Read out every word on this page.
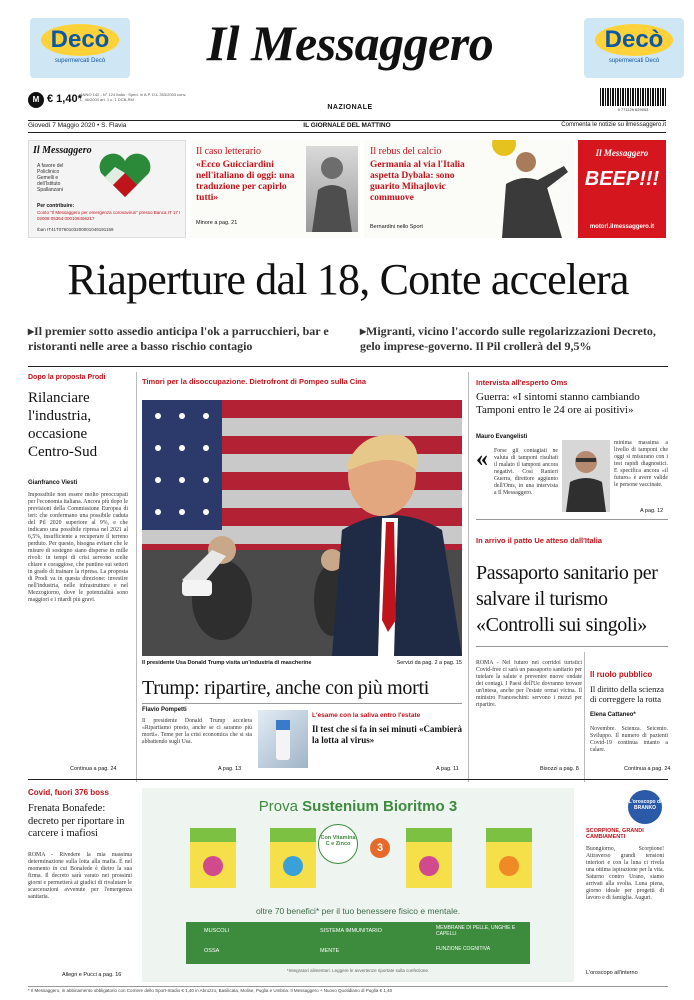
Decò
supermercati Decò
Decò
supermercati Decò
Il Messaggero
NAZIONALE
M € 1,40*
ANNO 142 - N° 124 Italia · Sped. in A.P. D.L.353/2003 conv. L. 46/2004 art. 1 c. 1 DCB-RM
9 771129 629003
Giovedì 7 Maggio 2020 • S. Flavia	IL GIORNALE DEL MATTINO	Commenta le notizie su ilmessaggero.it
Il Messaggero
A favore del Policlinico Gemelli e dell'Istituto Spallanzani
Per contribuire:
Conto "Il Messaggero per emergenza coronavirus" presso Banca IT 17 I 02008 05364 000106456217
Iban IT41T0760103200001049191159
Il caso letterario
«Ecco Guicciardini nell'italiano di oggi: una traduzione per capirlo tutti»
Minore a pag. 21
Il rebus del calcio
Germania al via l'Italia aspetta Dybala: sono guarito Mihajlovic commuove
Bernardini nello Sport
Il Messaggero
BEEP!!!
motori.ilmessaggero.it
Riaperture dal 18, Conte accelera
▸Il premier sotto assedio anticipa l'ok a parrucchieri, bar e ristoranti nelle aree a basso rischio contagio
▸Migranti, vicino l'accordo sulle regolarizzazioni Decreto, gelo imprese-governo. Il Pil crollerà del 9,5%
Dopo la proposta Prodi
Rilanciare l'industria, occasione Centro-Sud
Gianfranco Viesti
Impossibile non essere molto preoccupati per l'economia italiana. Ancora più dopo le previsioni della Commissione Europea di ieri: che confermano una possibile caduta del Pil 2020 superiore al 9%, e che indicano una possibile ripresa nel 2021 al 6,5%, insufficiente a recuperare il terreno perduto. Per questo, bisogna evitare che le misure di sostegno siano disperse in mille rivoli: in tempi di crisi servono scelte chiare e coraggiose, che puntino sui settori in grado di trainare la ripresa. La proposta di Prodi va in questa direzione: investire nell'industria, nelle infrastrutture e nel Mezzogiorno, dove le potenzialità sono maggiori e i ritardi più gravi.
Continua a pag. 24
Timori per la disoccupazione. Dietrofront di Pompeo sulla Cina
Il presidente Usa Donald Trump visita un'industria di mascherine	Servizi da pag. 2 a pag. 15
Trump: ripartire, anche con più morti
Flavio Pompetti
Il presidente Donald Trump accelera «Ripartiamo presto, anche se ci saranno più morti». Teme per la crisi economica che si sta abbattendo sugli Usa.
A pag. 13
L'esame con la saliva entro l'estate
Il test che si fa in sei minuti «Cambierà la lotta al virus»
A pag. 11
Intervista all'esperto Oms
Guerra: «I sintomi stanno cambiando Tamponi entro le 24 ore ai positivi»
Mauro Evangelisti
« Forse gli contagiati ne valuta di tamponi risultati il malato il tamponi ancora negativi. Così Ranieri Guerra, direttore aggiunto dell'Oms, in una intervista a Il Messaggero.
minima massima a livello di tamponi che oggi si misurano con i test rapidi diagnostici. E specifica ancora «il futuro» è avere valide le persone vaccinate.
A pag. 12
In arrivo il patto Ue atteso dall'Italia
Passaporto sanitario per salvare il turismo «Controlli sui singoli»
ROMA - Nel futuro nei corridoi turistici Covid-free ci sarà un passaporto sanitario per tutelare la salute e prevenire nuove ondate dei contagi. I Paesi dell'Ue dovranno trovare un'intesa, anche per l'estate ormai vicina. Il ministro Franceschini: servono i mezzi per ripartire.
Bisozzi a pag. 8
Il ruolo pubblico
Il diritto della scienza di correggere la rotta
Elena Cattaneo*
Novembre. Scienza. Seicento. Sviluppo. Il numero di pazienti Covid-19 continua intanto a calare.
Continua a pag. 24
Covid, fuori 376 boss
Frenata Bonafede: decreto per riportare in carcere i mafiosi
ROMA - Rivedere la mia massima determinazione sulla lotta alla mafia. È nel momento in cui Bonafede è dietro la sua firma. Il decreto sarà varato nei prossimi giorni e permetterà ai giudici di rivalutare le scarcerazioni avvenute per l'emergenza sanitaria.
Allegri e Pucci a pag. 16
Prova Sustenium Bioritmo 3
Con Vitamina C e Zinco	3
oltre 70 benefici* per il tuo benessere fisico e mentale.
MUSCOLI	SISTEMA IMMUNITARIO	MEMBRANE DI PELLE, UNGHIE E CAPELLI
OSSA	MENTE	FUNZIONE COGNITIVA
*Integratori alimentari. Leggere le avvertenze riportate sulla confezione.
L'oroscopo di BRANKO
SCORPIONE, GRANDI CAMBIAMENTI
Buongiorno, Scorpione! Attraverso grandi tensioni interiori e con la luna ci rivela una ottima ispirazione per la vita. Saturno contro Urano, siamo arrivati alla svolta. Luna piena, giorno ideale per progetti di lavoro e di famiglia. Auguri.
L'oroscopo all'interno
* Il Messaggero, in abbinamento obbligatorio con Corriere dello Sport-Stadio € 1,40 in Abruzzo, Basilicata, Molise, Puglia e Umbria. Il Messaggero + Nuovo Quotidiano di Puglia € 1,40
